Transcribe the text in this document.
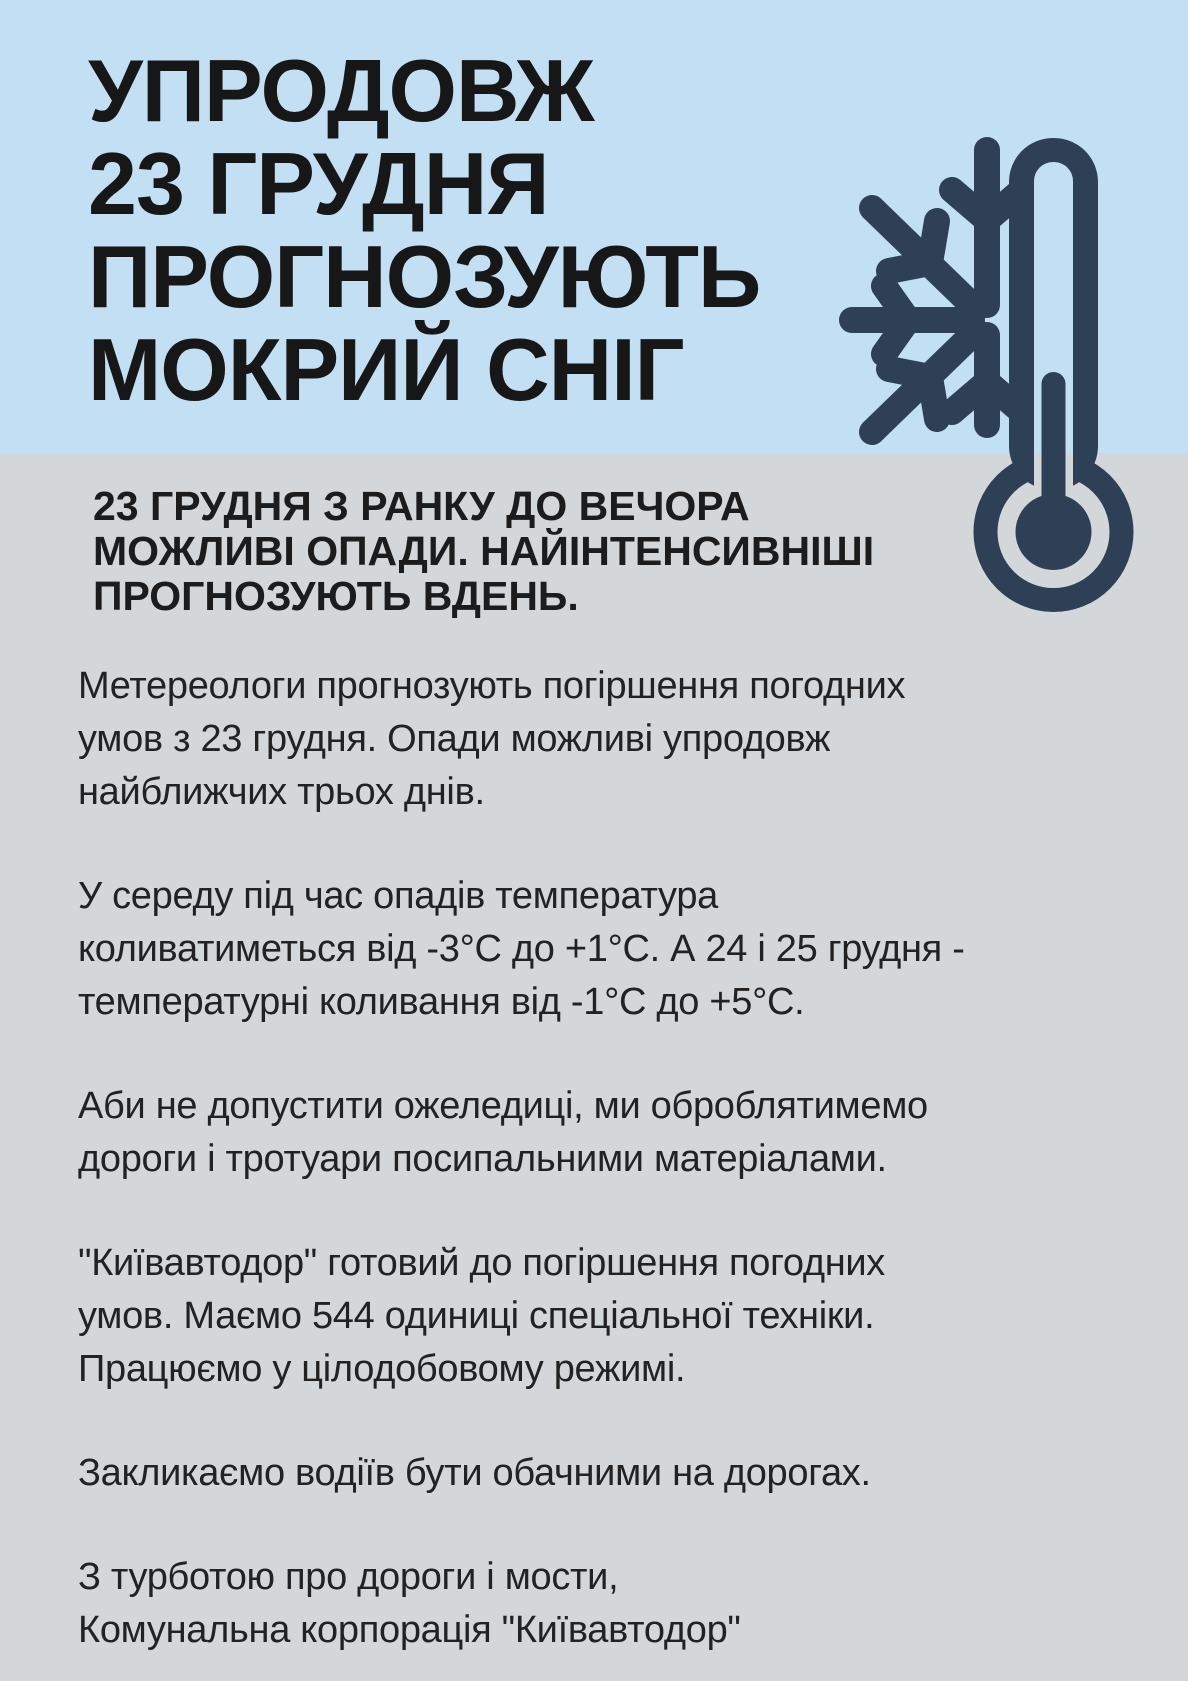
УПРОДОВЖ
23 ГРУДНЯ
ПРОГНОЗУЮТЬ
МОКРИЙ СНІГ
23 ГРУДНЯ З РАНКУ ДО ВЕЧОРА
МОЖЛИВІ ОПАДИ. НАЙІНТЕНСИВНІШІ
ПРОГНОЗУЮТЬ ВДЕНЬ.

Метереологи прогнозують погіршення погодних
умов з 23 грудня. Опади можливі упродовж
найближчих трьох днів.

У середу під час опадів температура
коливатиметься від -3°С до +1°С. А 24 і 25 грудня -
температурні коливання від -1°С до +5°С.

Аби не допустити ожеледиці, ми оброблятимемо
дороги і тротуари посипальними матеріалами.

"Київавтодор" готовий до погіршення погодних
умов. Маємо 544 одиниці спеціальної техніки.
Працюємо у цілодобовому режимі.

Закликаємо водіїв бути обачними на дорогах.

З турботою про дороги і мости,
Комунальна корпорація "Київавтодор"
